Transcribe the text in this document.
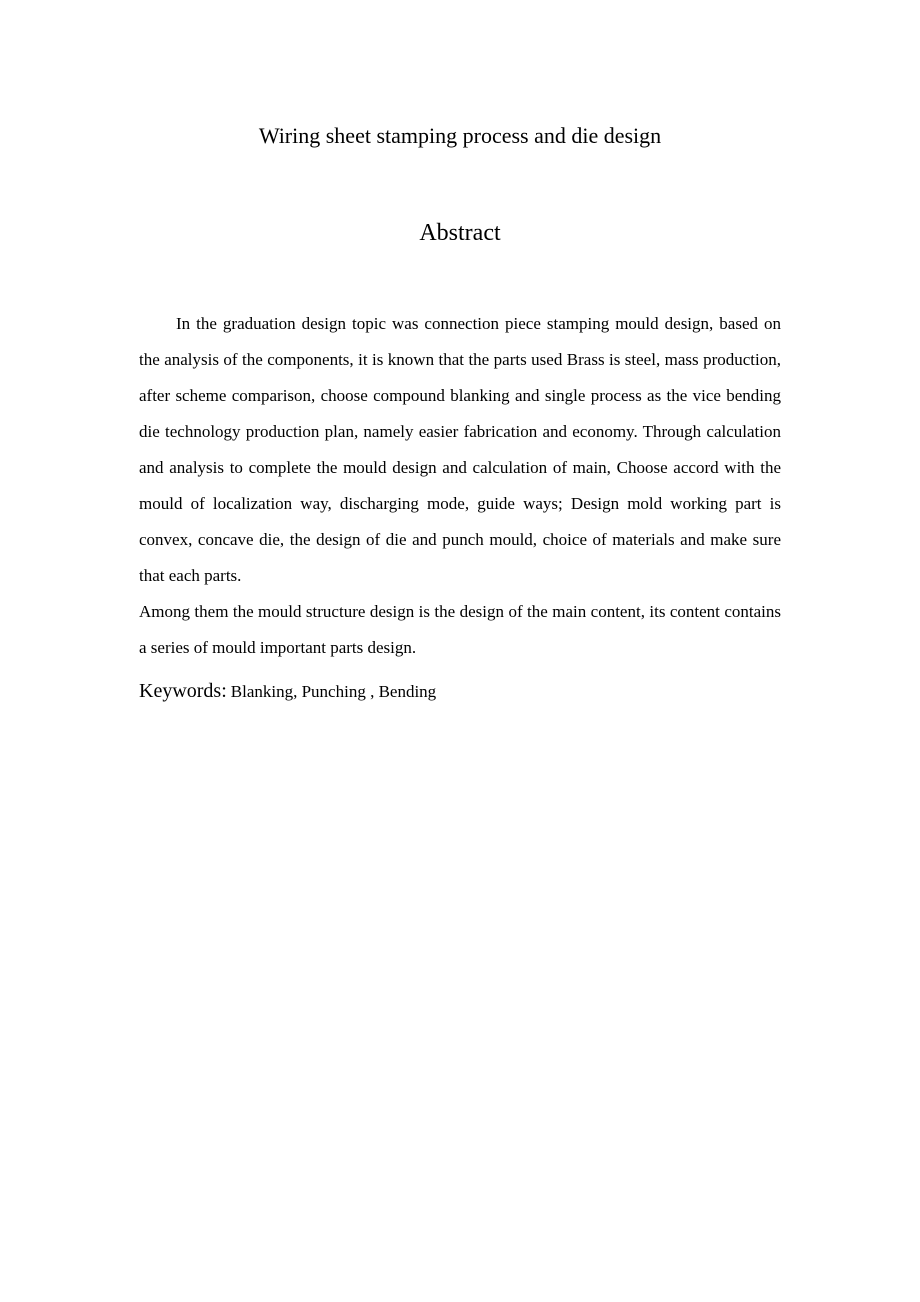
Wiring sheet stamping process and die design
Abstract

In the graduation design topic was connection piece stamping mould design, based on the analysis of the components, it is known that the parts used Brass is steel, mass production, after scheme comparison, choose compound blanking and single process as the vice bending die technology production plan, namely easier fabrication and economy. Through calculation and analysis to complete the mould design and calculation of main, Choose accord with the mould of localization way, discharging mode, guide ways; Design mold working part is convex, concave die, the design of die and punch mould, choice of materials and make sure that each parts.

Among them the mould structure design is the design of the main content, its content contains a series of mould important parts design.

Keywords: Blanking, Punching , Bending
